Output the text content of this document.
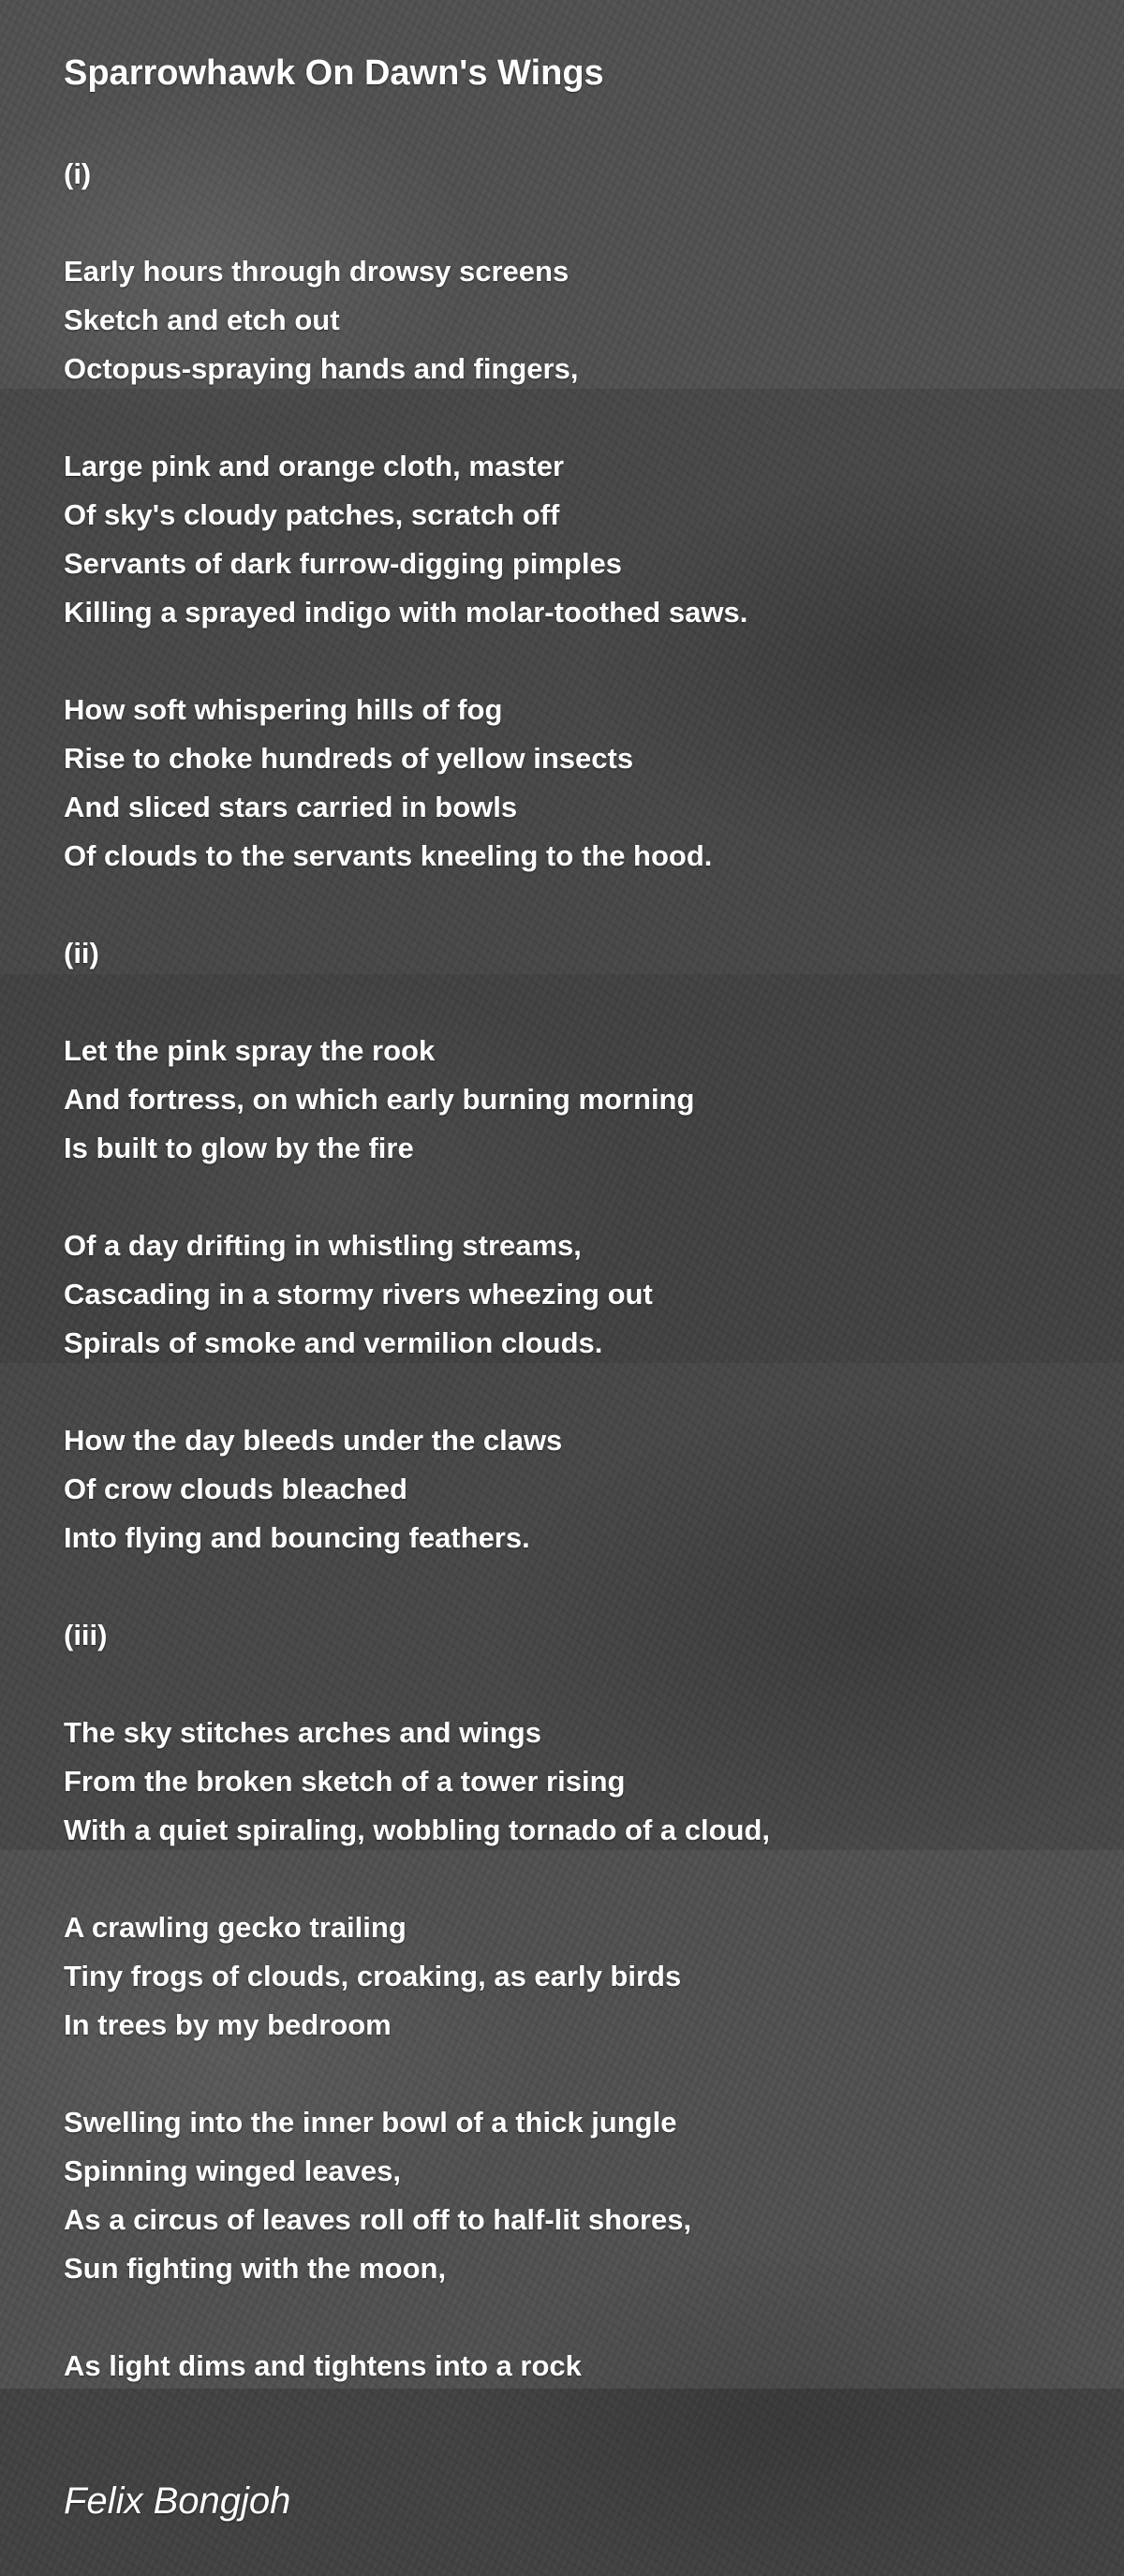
Sparrowhawk On Dawn's Wings
(i)
Early hours through drowsy screens
Sketch and etch out
Octopus-spraying hands and fingers,
Large pink and orange cloth, master
Of sky's cloudy patches, scratch off
Servants of dark furrow-digging pimples
Killing a sprayed indigo with molar-toothed saws.
How soft whispering hills of fog
Rise to choke hundreds of yellow insects
And sliced stars carried in bowls
Of clouds to the servants kneeling to the hood.
(ii)
Let the pink spray the rook
And fortress, on which early burning morning
Is built to glow by the fire
Of a day drifting in whistling streams,
Cascading in a stormy rivers wheezing out
Spirals of smoke and vermilion clouds.
How the day bleeds under the claws
Of crow clouds bleached
Into flying and bouncing feathers.
(iii)
The sky stitches arches and wings
From the broken sketch of a tower rising
With a quiet spiraling, wobbling tornado of a cloud,
A crawling gecko trailing
Tiny frogs of clouds, croaking, as early birds
In trees by my bedroom
Swelling into the inner bowl of a thick jungle
Spinning winged leaves,
As a circus of leaves roll off to half-lit shores,
Sun fighting with the moon,
As light dims and tightens into a rock
Felix Bongjoh
